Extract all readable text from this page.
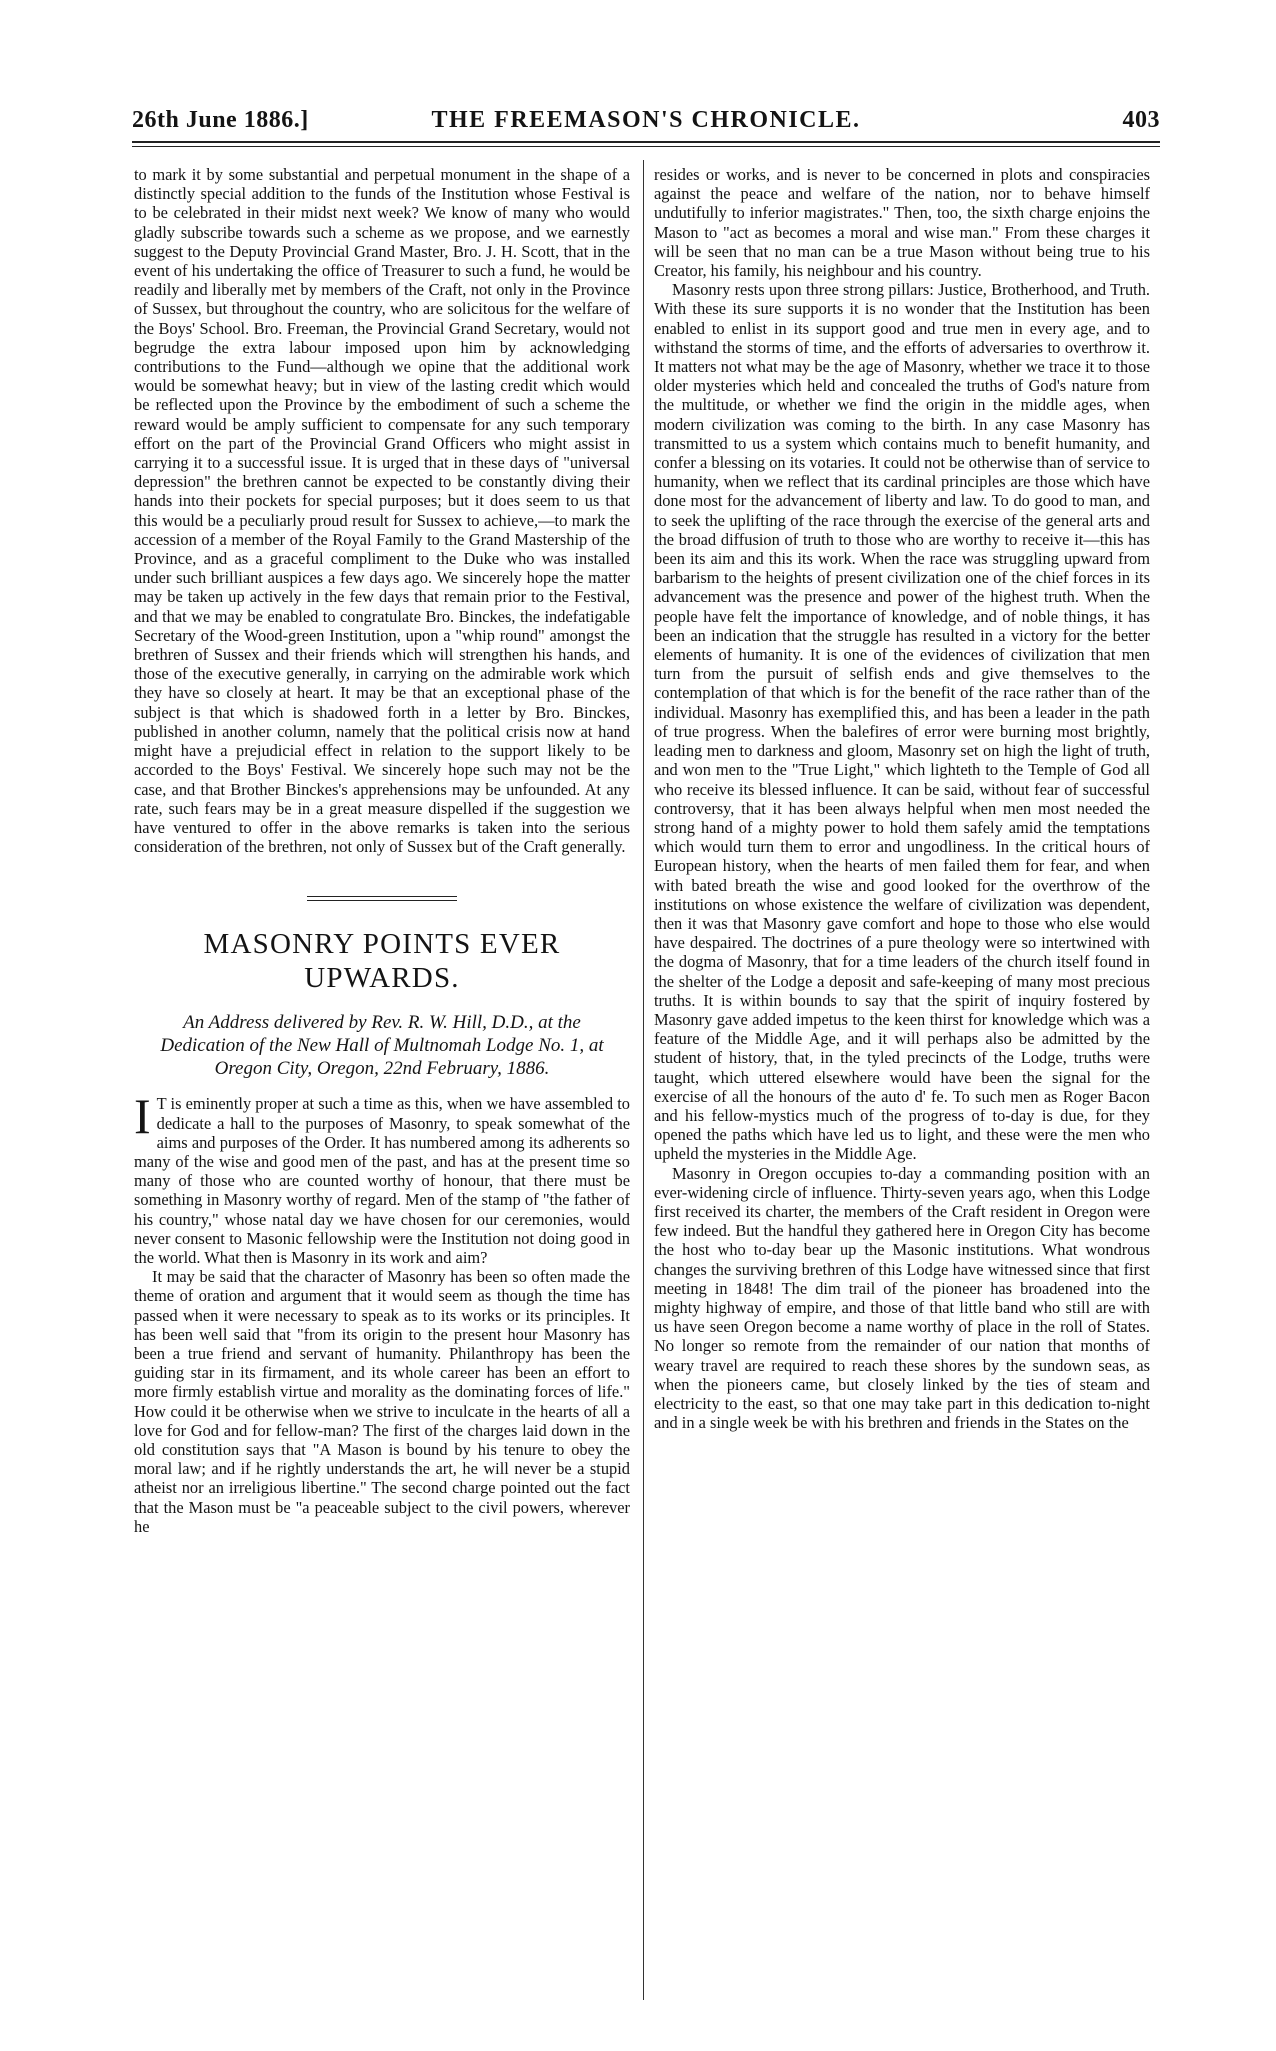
26th June 1886.]	THE FREEMASON'S CHRONICLE.	403

to mark it by some substantial and perpetual monument in the shape of a distinctly special addition to the funds of the Institution whose Festival is to be celebrated in their midst next week? We know of many who would gladly subscribe towards such a scheme as we propose, and we earnestly suggest to the Deputy Provincial Grand Master, Bro. J. H. Scott, that in the event of his undertaking the office of Treasurer to such a fund, he would be readily and liberally met by members of the Craft, not only in the Province of Sussex, but throughout the country, who are solicitous for the welfare of the Boys' School. Bro. Freeman, the Provincial Grand Secretary, would not begrudge the extra labour imposed upon him by acknowledging contributions to the Fund—although we opine that the additional work would be somewhat heavy; but in view of the lasting credit which would be reflected upon the Province by the embodiment of such a scheme the reward would be amply sufficient to compensate for any such temporary effort on the part of the Provincial Grand Officers who might assist in carrying it to a successful issue. It is urged that in these days of "universal depression" the brethren cannot be expected to be constantly diving their hands into their pockets for special purposes; but it does seem to us that this would be a peculiarly proud result for Sussex to achieve,—to mark the accession of a member of the Royal Family to the Grand Mastership of the Province, and as a graceful compliment to the Duke who was installed under such brilliant auspices a few days ago. We sincerely hope the matter may be taken up actively in the few days that remain prior to the Festival, and that we may be enabled to congratulate Bro. Binckes, the indefatigable Secretary of the Wood-green Institution, upon a "whip round" amongst the brethren of Sussex and their friends which will strengthen his hands, and those of the executive generally, in carrying on the admirable work which they have so closely at heart. It may be that an exceptional phase of the subject is that which is shadowed forth in a letter by Bro. Binckes, published in another column, namely that the political crisis now at hand might have a prejudicial effect in relation to the support likely to be accorded to the Boys' Festival. We sincerely hope such may not be the case, and that Brother Binckes's apprehensions may be unfounded. At any rate, such fears may be in a great measure dispelled if the suggestion we have ventured to offer in the above remarks is taken into the serious consideration of the brethren, not only of Sussex but of the Craft generally.

MASONRY POINTS EVER UPWARDS.
An Address delivered by Rev. R. W. Hill, D.D., at the Dedication of the New Hall of Multnomah Lodge No. 1, at Oregon City, Oregon, 22nd February, 1886.

I T is eminently proper at such a time as this, when we have assembled to dedicate a hall to the purposes of Masonry, to speak somewhat of the aims and purposes of the Order. It has numbered among its adherents so many of the wise and good men of the past, and has at the present time so many of those who are counted worthy of honour, that there must be something in Masonry worthy of regard. Men of the stamp of "the father of his country," whose natal day we have chosen for our ceremonies, would never consent to Masonic fellowship were the Institution not doing good in the world. What then is Masonry in its work and aim?

It may be said that the character of Masonry has been so often made the theme of oration and argument that it would seem as though the time has passed when it were necessary to speak as to its works or its principles. It has been well said that "from its origin to the present hour Masonry has been a true friend and servant of humanity. Philanthropy has been the guiding star in its firmament, and its whole career has been an effort to more firmly establish virtue and morality as the dominating forces of life." How could it be otherwise when we strive to inculcate in the hearts of all a love for God and for fellow-man? The first of the charges laid down in the old constitution says that "A Mason is bound by his tenure to obey the moral law; and if he rightly understands the art, he will never be a stupid atheist nor an irreligious libertine." The second charge pointed out the fact that the Mason must be "a peaceable subject to the civil powers, wherever he

resides or works, and is never to be concerned in plots and conspiracies against the peace and welfare of the nation, nor to behave himself undutifully to inferior magistrates." Then, too, the sixth charge enjoins the Mason to "act as becomes a moral and wise man." From these charges it will be seen that no man can be a true Mason without being true to his Creator, his family, his neighbour and his country.

Masonry rests upon three strong pillars: Justice, Brotherhood, and Truth. With these its sure supports it is no wonder that the Institution has been enabled to enlist in its support good and true men in every age, and to withstand the storms of time, and the efforts of adversaries to overthrow it. It matters not what may be the age of Masonry, whether we trace it to those older mysteries which held and concealed the truths of God's nature from the multitude, or whether we find the origin in the middle ages, when modern civilization was coming to the birth. In any case Masonry has transmitted to us a system which contains much to benefit humanity, and confer a blessing on its votaries. It could not be otherwise than of service to humanity, when we reflect that its cardinal principles are those which have done most for the advancement of liberty and law. To do good to man, and to seek the uplifting of the race through the exercise of the general arts and the broad diffusion of truth to those who are worthy to receive it—this has been its aim and this its work. When the race was struggling upward from barbarism to the heights of present civilization one of the chief forces in its advancement was the presence and power of the highest truth. When the people have felt the importance of knowledge, and of noble things, it has been an indication that the struggle has resulted in a victory for the better elements of humanity. It is one of the evidences of civilization that men turn from the pursuit of selfish ends and give themselves to the contemplation of that which is for the benefit of the race rather than of the individual. Masonry has exemplified this, and has been a leader in the path of true progress. When the balefires of error were burning most brightly, leading men to darkness and gloom, Masonry set on high the light of truth, and won men to the "True Light," which lighteth to the Temple of God all who receive its blessed influence. It can be said, without fear of successful controversy, that it has been always helpful when men most needed the strong hand of a mighty power to hold them safely amid the temptations which would turn them to error and ungodliness. In the critical hours of European history, when the hearts of men failed them for fear, and when with bated breath the wise and good looked for the overthrow of the institutions on whose existence the welfare of civilization was dependent, then it was that Masonry gave comfort and hope to those who else would have despaired. The doctrines of a pure theology were so intertwined with the dogma of Masonry, that for a time leaders of the church itself found in the shelter of the Lodge a deposit and safe-keeping of many most precious truths. It is within bounds to say that the spirit of inquiry fostered by Masonry gave added impetus to the keen thirst for knowledge which was a feature of the Middle Age, and it will perhaps also be admitted by the student of history, that, in the tyled precincts of the Lodge, truths were taught, which uttered elsewhere would have been the signal for the exercise of all the honours of the auto d' fe. To such men as Roger Bacon and his fellow-mystics much of the progress of to-day is due, for they opened the paths which have led us to light, and these were the men who upheld the mysteries in the Middle Age.

Masonry in Oregon occupies to-day a commanding position with an ever-widening circle of influence. Thirty-seven years ago, when this Lodge first received its charter, the members of the Craft resident in Oregon were few indeed. But the handful they gathered here in Oregon City has become the host who to-day bear up the Masonic institutions. What wondrous changes the surviving brethren of this Lodge have witnessed since that first meeting in 1848! The dim trail of the pioneer has broadened into the mighty highway of empire, and those of that little band who still are with us have seen Oregon become a name worthy of place in the roll of States. No longer so remote from the remainder of our nation that months of weary travel are required to reach these shores by the sundown seas, as when the pioneers came, but closely linked by the ties of steam and electricity to the east, so that one may take part in this dedication to-night and in a single week be with his brethren and friends in the States on the
